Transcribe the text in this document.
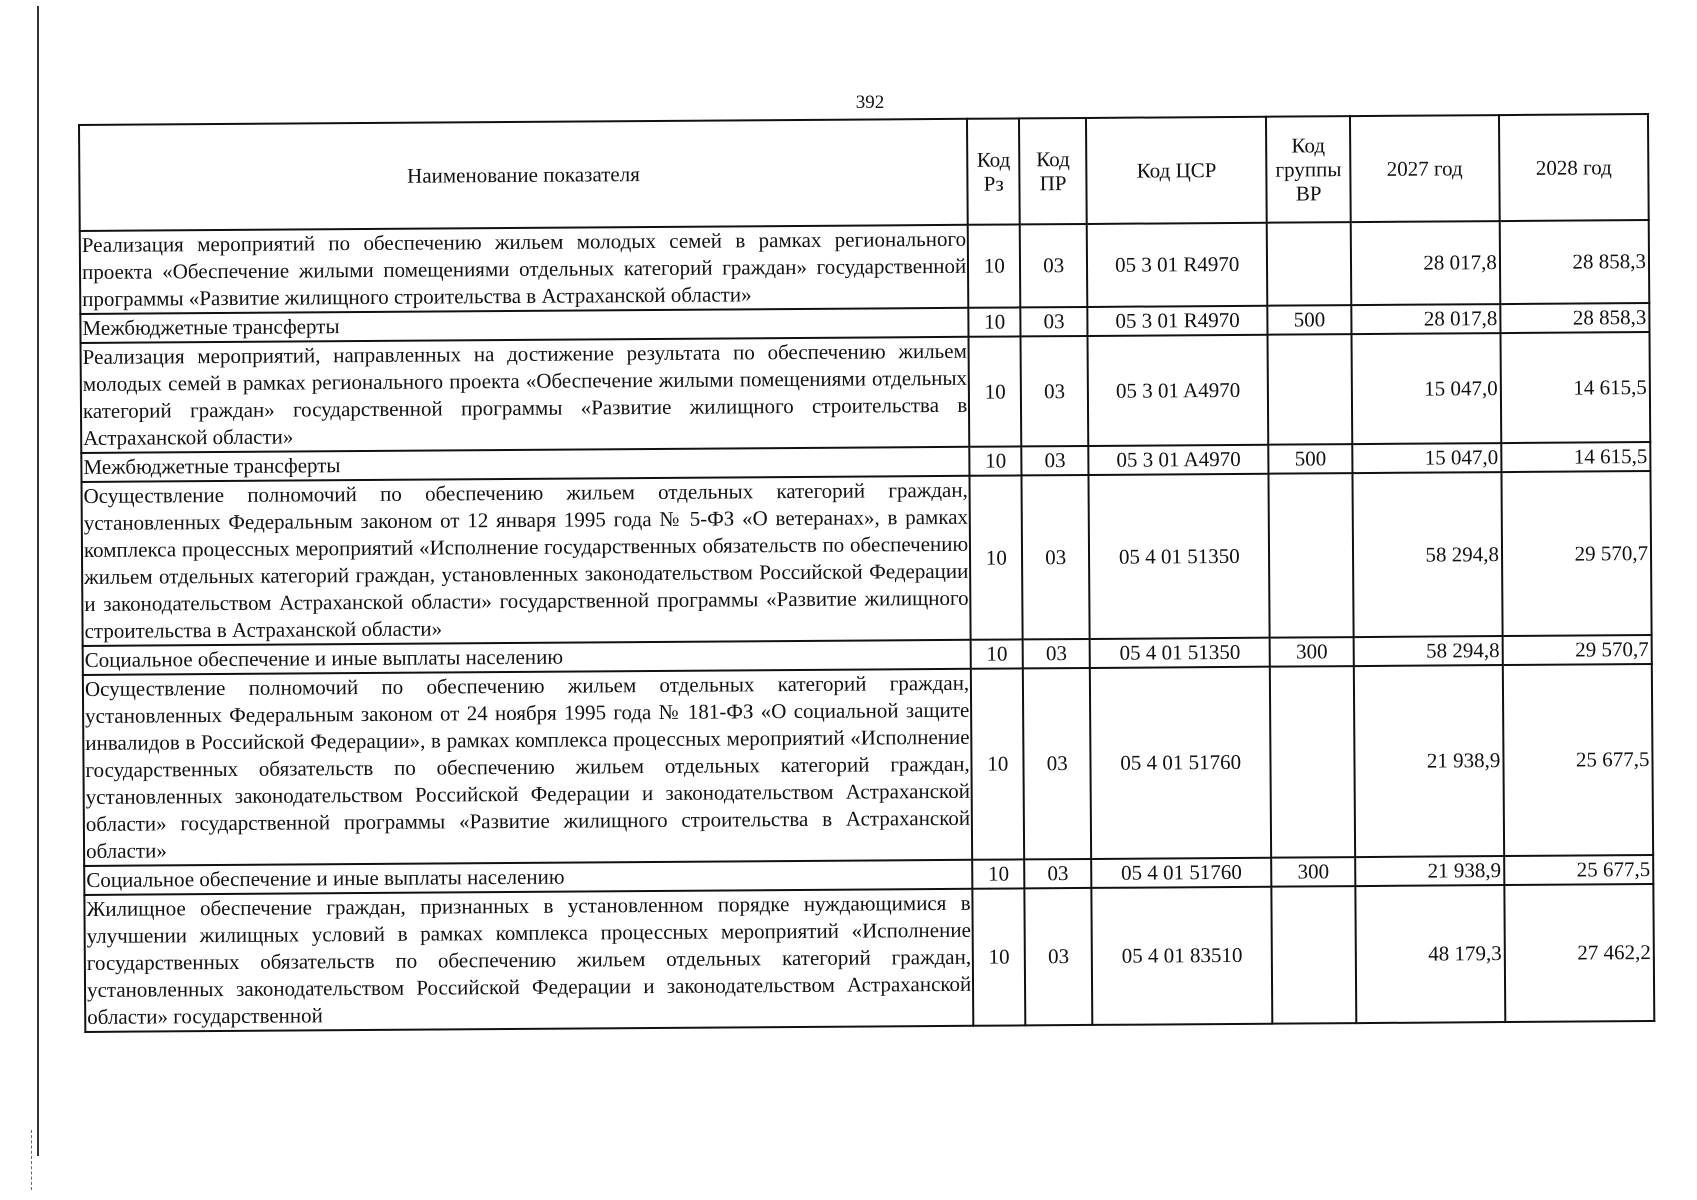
392
Наименование показателя	Код Рз	Код ПР	Код ЦСР	Код группы ВР	2027 год	2028 год
Реализация мероприятий по обеспечению жильем молодых семей в рамках регионального проекта «Обеспечение жилыми помещениями отдельных категорий граждан» государственной программы «Развитие жилищного строительства в Астраханской области»	10	03	05 3 01 R4970		28 017,8	28 858,3
Межбюджетные трансферты	10	03	05 3 01 R4970	500	28 017,8	28 858,3
Реализация мероприятий, направленных на достижение результата по обеспечению жильем молодых семей в рамках регионального проекта «Обеспечение жилыми помещениями отдельных категорий граждан» государственной программы «Развитие жилищного строительства в Астраханской области»	10	03	05 3 01 A4970		15 047,0	14 615,5
Межбюджетные трансферты	10	03	05 3 01 A4970	500	15 047,0	14 615,5
Осуществление полномочий по обеспечению жильем отдельных категорий граждан, установленных Федеральным законом от 12 января 1995 года № 5-ФЗ «О ветеранах», в рамках комплекса процессных мероприятий «Исполнение государственных обязательств по обеспечению жильем отдельных категорий граждан, установленных законодательством Российской Федерации и законодательством Астраханской области» государственной программы «Развитие жилищного строительства в Астраханской области»	10	03	05 4 01 51350		58 294,8	29 570,7
Социальное обеспечение и иные выплаты населению	10	03	05 4 01 51350	300	58 294,8	29 570,7
Осуществление полномочий по обеспечению жильем отдельных категорий граждан, установленных Федеральным законом от 24 ноября 1995 года № 181-ФЗ «О социальной защите инвалидов в Российской Федерации», в рамках комплекса процессных мероприятий «Исполнение государственных обязательств по обеспечению жильем отдельных категорий граждан, установленных законодательством Российской Федерации и законодательством Астраханской области» государственной программы «Развитие жилищного строительства в Астраханской области»	10	03	05 4 01 51760		21 938,9	25 677,5
Социальное обеспечение и иные выплаты населению	10	03	05 4 01 51760	300	21 938,9	25 677,5
Жилищное обеспечение граждан, признанных в установленном порядке нуждающимися в улучшении жилищных условий в рамках комплекса процессных мероприятий «Исполнение государственных обязательств по обеспечению жильем отдельных категорий граждан, установленных законодательством Российской Федерации и законодательством Астраханской области» государственной	10	03	05 4 01 83510		48 179,3	27 462,2
